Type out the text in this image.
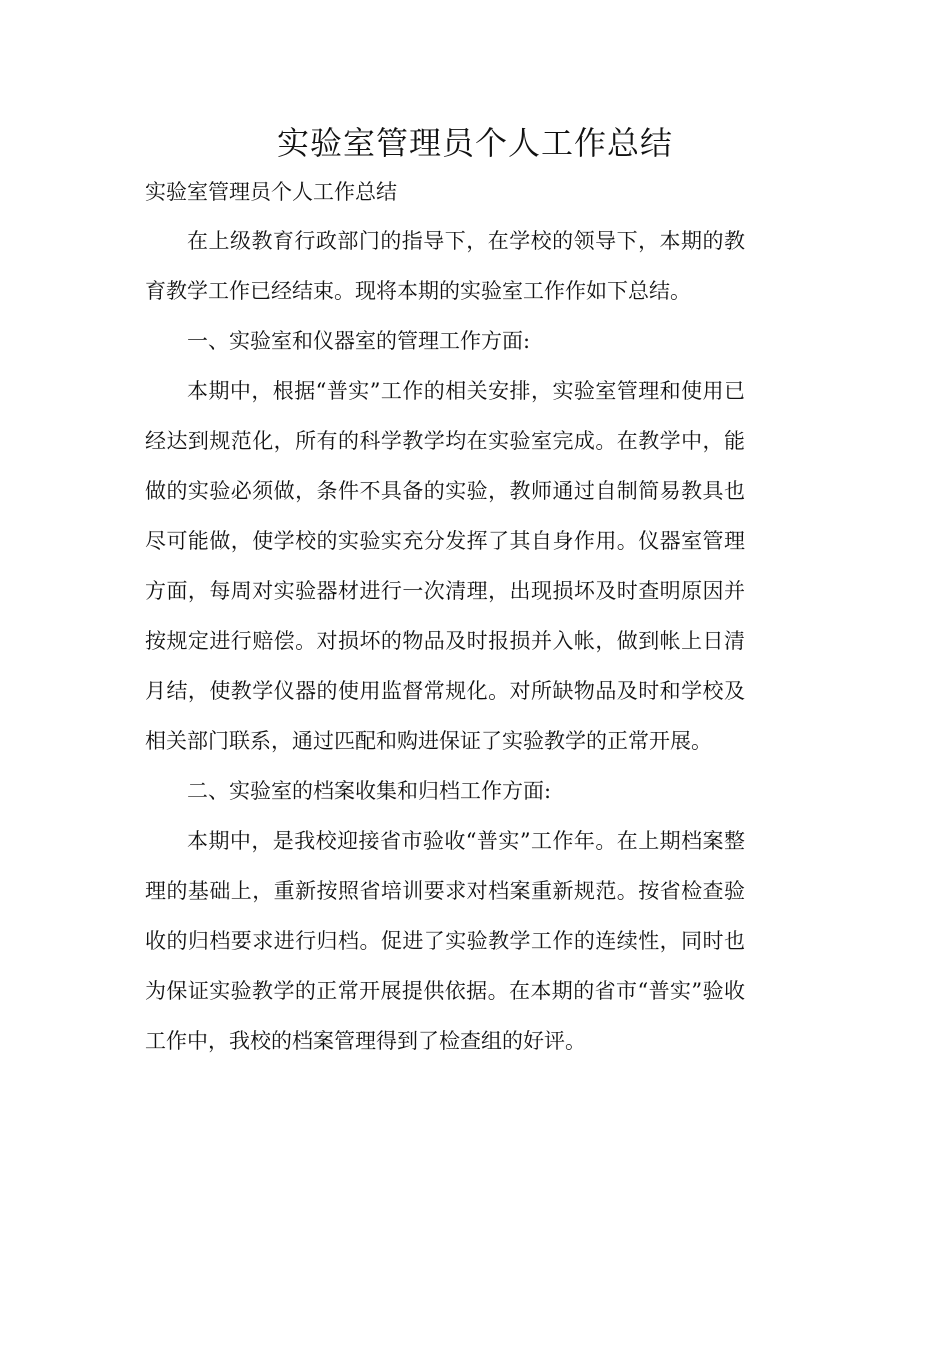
实验室管理员个人工作总结
实验室管理员个人工作总结

在上级教育行政部门的指导下，在学校的领导下，本期的教育教学工作已经结束。现将本期的实验室工作作如下总结。

一、实验室和仪器室的管理工作方面:

本期中，根据“普实”工作的相关安排，实验室管理和使用已经达到规范化，所有的科学教学均在实验室完成。在教学中，能做的实验必须做，条件不具备的实验，教师通过自制简易教具也尽可能做，使学校的实验实充分发挥了其自身作用。仪器室管理方面，每周对实验器材进行一次清理，出现损坏及时查明原因并按规定进行赔偿。对损坏的物品及时报损并入帐，做到帐上日清月结，使教学仪器的使用监督常规化。对所缺物品及时和学校及相关部门联系，通过匹配和购进保证了实验教学的正常开展。

二、实验室的档案收集和归档工作方面:

本期中，是我校迎接省市验收“普实”工作年。在上期档案整理的基础上，重新按照省培训要求对档案重新规范。按省检查验收的归档要求进行归档。促进了实验教学工作的连续性，同时也为保证实验教学的正常开展提供依据。在本期的省市“普实”验收工作中，我校的档案管理得到了检查组的好评。
